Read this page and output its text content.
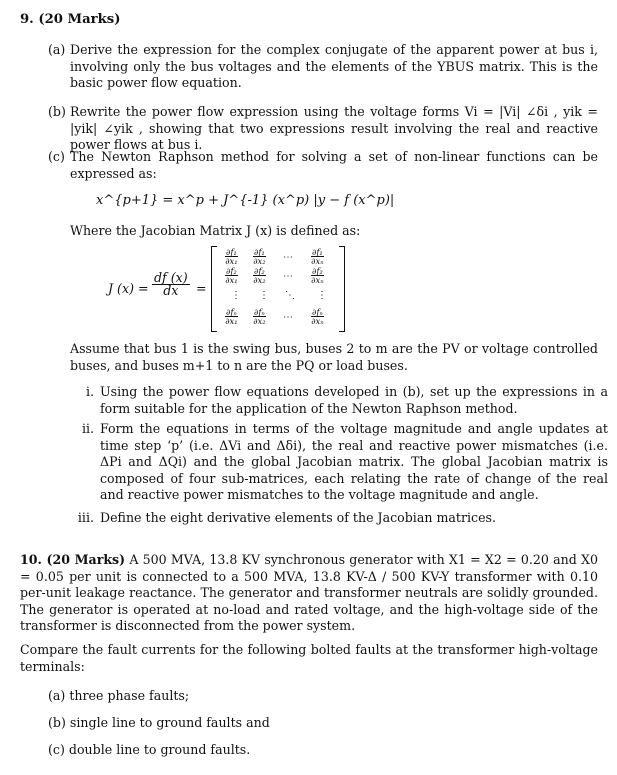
9. (20 Marks)
(a) Derive the expression for the complex conjugate of the apparent power at bus i, involving only the bus voltages and the elements of the YBUS matrix. This is the basic power flow equation.
(b) Rewrite the power flow expression using the voltage forms Vi = |Vi| ∠δi , yik = |yik| ∠yik , showing that two expressions result involving the real and reactive power flows at bus i.
(c) The Newton Raphson method for solving a set of non-linear functions can be expressed as:
x^{p+1} = x^p + J^{-1} (x^p) |y − f (x^p)|
Where the Jacobian Matrix J (x) is defined as:
J $(x) = \frac{df (x)}{dx}$ =
$\frac{\text{∂f₁}}{\text{∂x₁}} \frac{\text{∂f₁}}{\text{∂x₂}}$ ⋯ $\frac{\text{∂f₁}}{\text{∂xₙ}}$
$\frac{\text{∂f₂}}{\text{∂x₁}} \frac{\text{∂f₂}}{\text{∂x₂}}$ ⋯ $\frac{\text{∂f₂}}{\text{∂xₙ}}$
⋮ ⋮ ⋱ ⋮
$\frac{\text{∂fₙ}}{\text{∂x₁}} \frac{\text{∂fₙ}}{\text{∂x₂}}$ ⋯ $\frac{\text{∂fₙ}}{\text{∂xₙ}}$
Assume that bus 1 is the swing bus, buses 2 to m are the PV or voltage controlled buses, and buses m+1 to n are the PQ or load buses.
i. Using the power flow equations developed in (b), set up the expressions in a form suitable for the application of the Newton Raphson method.
ii. Form the equations in terms of the voltage magnitude and angle updates at time step ‘p’ (i.e. ΔVi and Δδi), the real and reactive power mismatches (i.e. ΔPi and ΔQi) and the global Jacobian matrix. The global Jacobian matrix is composed of four sub-matrices, each relating the rate of change of the real and reactive power mismatches to the voltage magnitude and angle.
iii. Define the eight derivative elements of the Jacobian matrices.
10. (20 Marks) A 500 MVA, 13.8 KV synchronous generator with X1 = X2 = 0.20 and X0 = 0.05 per unit is connected to a 500 MVA, 13.8 KV-Δ / 500 KV-Y transformer with 0.10 per-unit leakage reactance. The generator and transformer neutrals are solidly grounded. The generator is operated at no-load and rated voltage, and the high-voltage side of the transformer is disconnected from the power system.
Compare the fault currents for the following bolted faults at the transformer high-voltage terminals:
(a) three phase faults;
(b) single line to ground faults and
(c) double line to ground faults.
